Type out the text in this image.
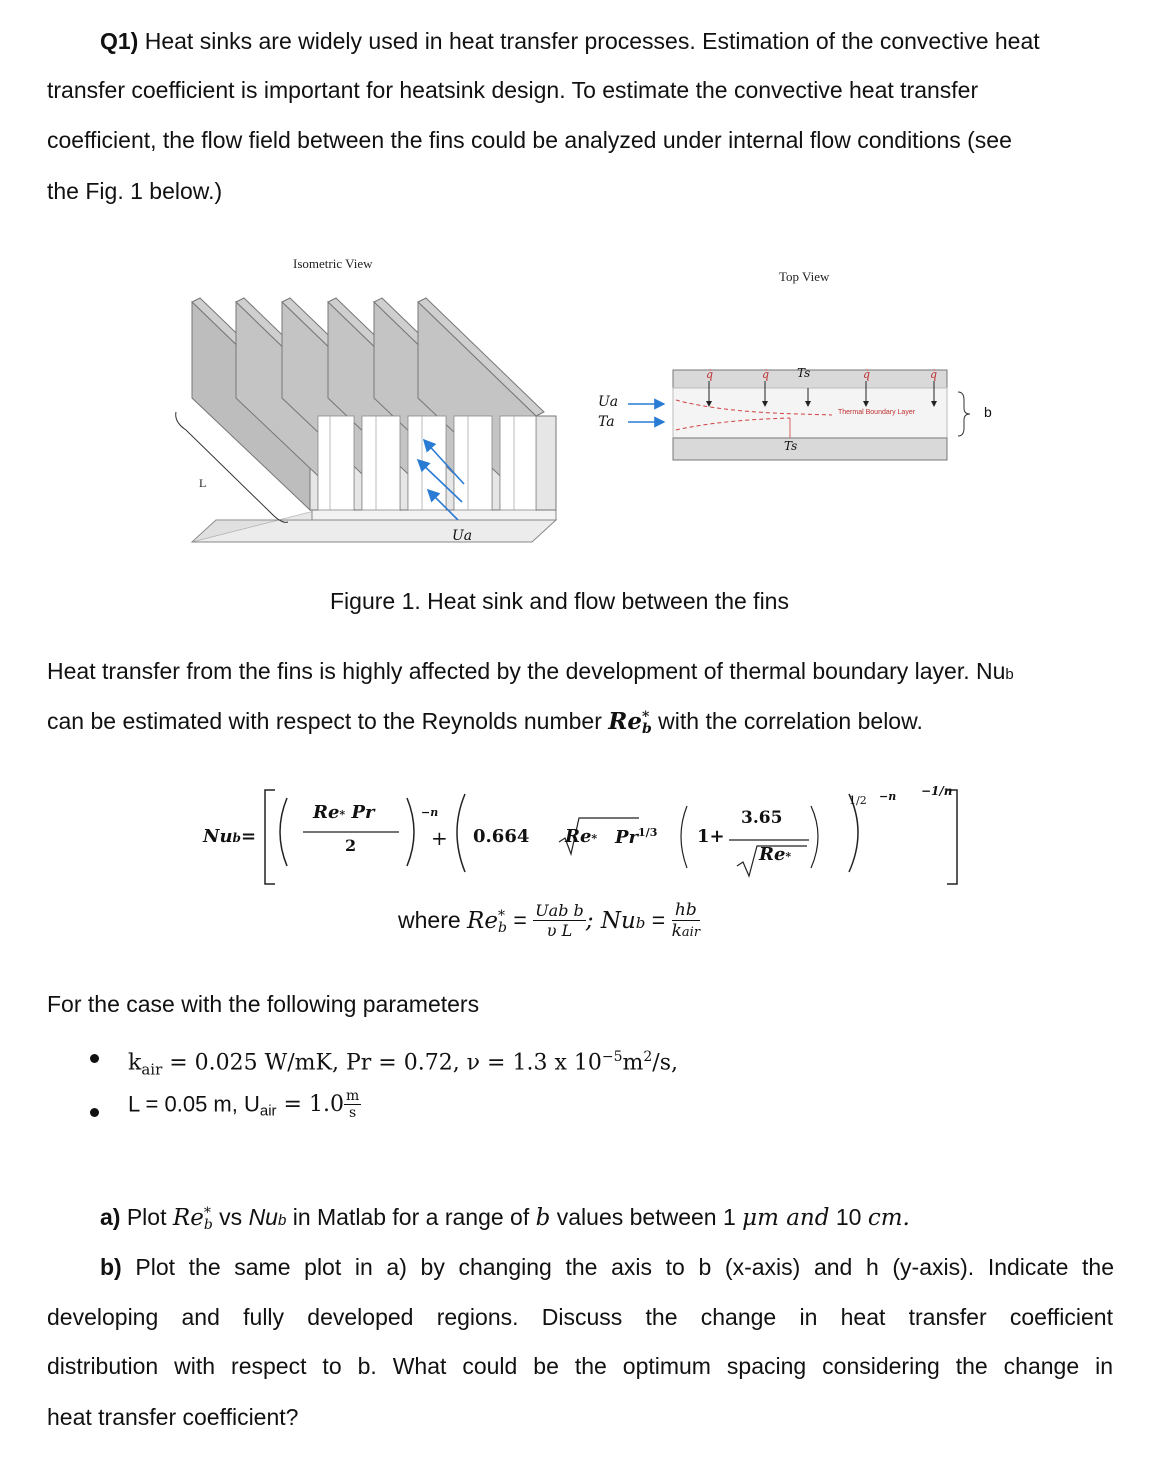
Q1) Heat sinks are widely used in heat transfer processes. Estimation of the convective heat
transfer coefficient is important for heatsink design. To estimate the convective heat transfer
coefficient, the flow field between the fins could be analyzed under internal flow conditions (see
the Fig. 1 below.)
Isometric View
Top View
L
Ua
Ua
Ta
Ts
Ts
q̇	q̇	q̇	q̇
Thermal Boundary Layer	b
Figure 1. Heat sink and flow between the fins
Heat transfer from the fins is highly affected by the development of thermal boundary layer. Nub
can be estimated with respect to the Reynolds number Re *
b with the correlation below.
Nub=
Re* Pr
2
−n
+ 0.664 Re* $Pr^{1/3}$ 1+
3.65
Re*
1/2 −n −1/n
where Re *
$b = \frac{\text{Uab b}}{\text{υ L}}$ ; Nub = $\frac{hb}{\text{kair}}$
For the case with the following parameters
$k_{air} = 0.025$ W/mK, Pr = 0.72, ν = 1.3 x $10^{-5}m^2/s$,
L = 0.05 m, $U_{air} = 1.0 \frac{m}{s}$
a) Plot Re *
b vs Nub in Matlab for a range of b values between 1 μm and 10 cm.
b) Plot the same plot in a) by changing the axis to b (x-axis) and h (y-axis). Indicate the
developing and fully developed regions. Discuss the change in heat transfer coefficient
distribution with respect to b. What could be the optimum spacing considering the change in
heat transfer coefficient?
